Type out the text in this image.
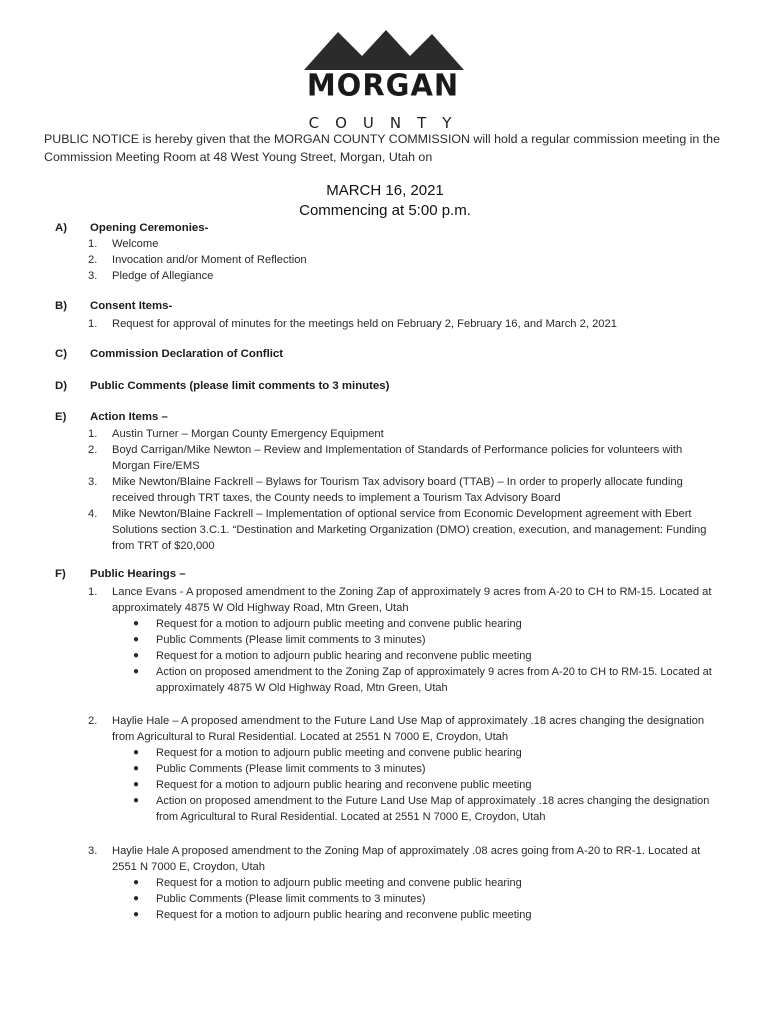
MORGAN
COUNTY
PUBLIC NOTICE is hereby given that the MORGAN COUNTY COMMISSION will hold a regular commission meeting in the Commission Meeting Room at 48 West Young Street, Morgan, Utah on
MARCH 16, 2021
Commencing at 5:00 p.m.
A)	Opening Ceremonies-
1. Welcome
2. Invocation and/or Moment of Reflection
3. Pledge of Allegiance
B)	Consent Items-
1. Request for approval of minutes for the meetings held on February 2, February 16, and March 2, 2021
C)	Commission Declaration of Conflict
D)	Public Comments (please limit comments to 3 minutes)
E)	Action Items –
1. Austin Turner – Morgan County Emergency Equipment
2. Boyd Carrigan/Mike Newton – Review and Implementation of Standards of Performance policies for volunteers with Morgan Fire/EMS
3. Mike Newton/Blaine Fackrell – Bylaws for Tourism Tax advisory board (TTAB) – In order to properly allocate funding received through TRT taxes, the County needs to implement a Tourism Tax Advisory Board
4. Mike Newton/Blaine Fackrell – Implementation of optional service from Economic Development agreement with Ebert Solutions section 3.C.1. “Destination and Marketing Organization (DMO) creation, execution, and management: Funding from TRT of $20,000
F)	Public Hearings –
1. Lance Evans - A proposed amendment to the Zoning Zap of approximately 9 acres from A-20 to CH to RM-15. Located at approximately 4875 W Old Highway Road, Mtn Green, Utah
● Request for a motion to adjourn public meeting and convene public hearing
● Public Comments (Please limit comments to 3 minutes)
● Request for a motion to adjourn public hearing and reconvene public meeting
● Action on proposed amendment to the Zoning Zap of approximately 9 acres from A-20 to CH to RM-15. Located at approximately 4875 W Old Highway Road, Mtn Green, Utah
2. Haylie Hale – A proposed amendment to the Future Land Use Map of approximately .18 acres changing the designation from Agricultural to Rural Residential. Located at 2551 N 7000 E, Croydon, Utah
● Request for a motion to adjourn public meeting and convene public hearing
● Public Comments (Please limit comments to 3 minutes)
● Request for a motion to adjourn public hearing and reconvene public meeting
● Action on proposed amendment to the Future Land Use Map of approximately .18 acres changing the designation from Agricultural to Rural Residential. Located at 2551 N 7000 E, Croydon, Utah
3. Haylie Hale A proposed amendment to the Zoning Map of approximately .08 acres going from A-20 to RR-1. Located at 2551 N 7000 E, Croydon, Utah
● Request for a motion to adjourn public meeting and convene public hearing
● Public Comments (Please limit comments to 3 minutes)
● Request for a motion to adjourn public hearing and reconvene public meeting
